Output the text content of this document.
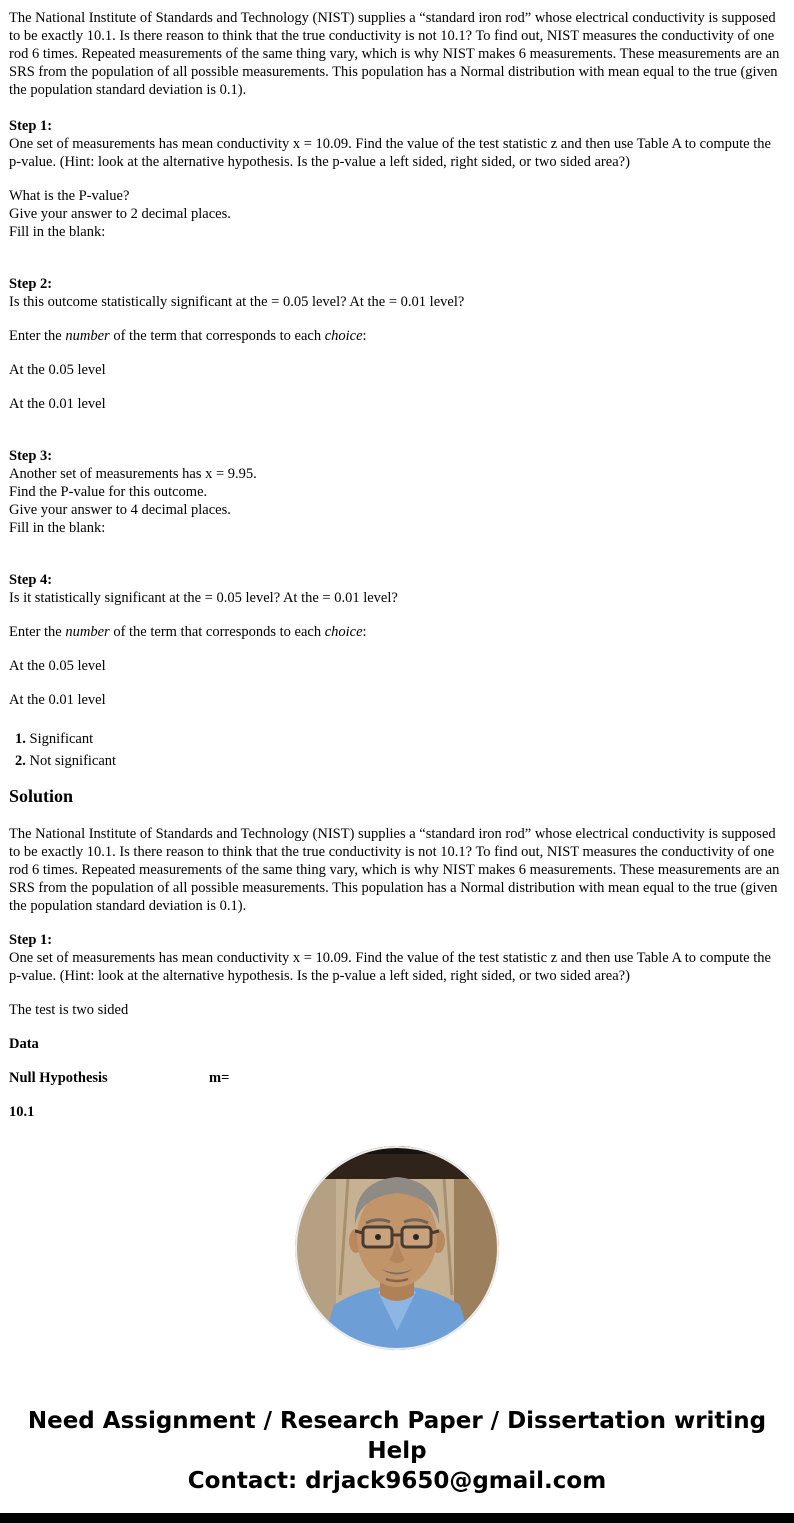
The National Institute of Standards and Technology (NIST) supplies a “standard iron rod” whose electrical conductivity is supposed to be exactly 10.1. Is there reason to think that the true conductivity is not 10.1? To find out, NIST measures the conductivity of one rod 6 times. Repeated measurements of the same thing vary, which is why NIST makes 6 measurements. These measurements are an SRS from the population of all possible measurements. This population has a Normal distribution with mean equal to the true (given the population standard deviation is 0.1).

Step 1:
One set of measurements has mean conductivity x = 10.09. Find the value of the test statistic z and then use Table A to compute the p-value. (Hint: look at the alternative hypothesis. Is the p-value a left sided, right sided, or two sided area?)

What is the P-value?
Give your answer to 2 decimal places.
Fill in the blank:

Step 2:
Is this outcome statistically significant at the = 0.05 level? At the = 0.01 level?

Enter the number of the term that corresponds to each choice:

At the 0.05 level

At the 0.01 level

Step 3:
Another set of measurements has x = 9.95.
Find the P-value for this outcome.
Give your answer to 4 decimal places.
Fill in the blank:

Step 4:
Is it statistically significant at the = 0.05 level? At the = 0.01 level?

Enter the number of the term that corresponds to each choice:

At the 0.05 level

At the 0.01 level

1. Significant
2. Not significant
Solution

The National Institute of Standards and Technology (NIST) supplies a “standard iron rod” whose electrical conductivity is supposed to be exactly 10.1. Is there reason to think that the true conductivity is not 10.1? To find out, NIST measures the conductivity of one rod 6 times. Repeated measurements of the same thing vary, which is why NIST makes 6 measurements. These measurements are an SRS from the population of all possible measurements. This population has a Normal distribution with mean equal to the true (given the population standard deviation is 0.1).

Step 1:
One set of measurements has mean conductivity x = 10.09. Find the value of the test statistic z and then use Table A to compute the p-value. (Hint: look at the alternative hypothesis. Is the p-value a left sided, right sided, or two sided area?)

The test is two sided

Data

Null Hypothesis	m=

10.1

Need Assignment / Research Paper / Dissertation writing Help
Contact: drjack9650@gmail.com
